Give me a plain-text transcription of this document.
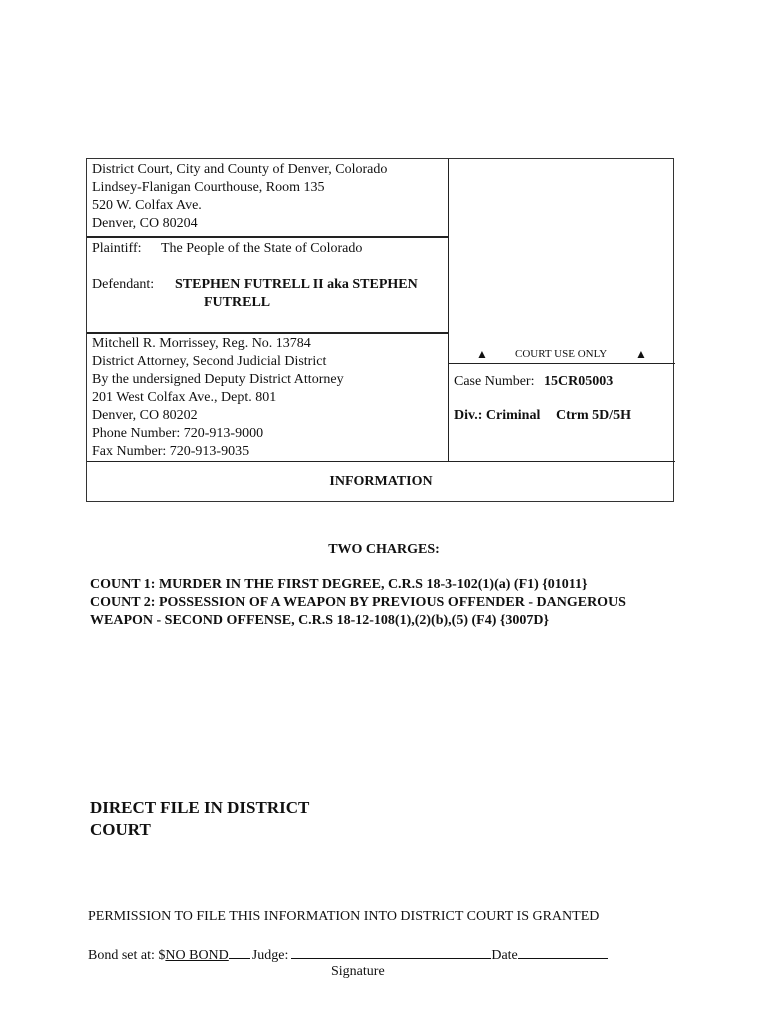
District Court, City and County of Denver, Colorado
Lindsey-Flanigan Courthouse, Room 135
520 W. Colfax Ave.
Denver, CO 80204
Plaintiff: The People of the State of Colorado
Defendant: STEPHEN FUTRELL II aka STEPHEN
FUTRELL
Mitchell R. Morrissey, Reg. No. 13784
District Attorney, Second Judicial District
By the undersigned Deputy District Attorney
201 West Colfax Ave., Dept. 801
Denver, CO 80202
Phone Number: 720-913-9000
Fax Number: 720-913-9035
▲ COURT USE ONLY ▲
Case Number: 15CR05003
Div.: Criminal Ctrm 5D/5H
INFORMATION
TWO CHARGES:
COUNT 1: MURDER IN THE FIRST DEGREE, C.R.S 18-3-102(1)(a) (F1) {01011}
COUNT 2: POSSESSION OF A WEAPON BY PREVIOUS OFFENDER - DANGEROUS
WEAPON - SECOND OFFENSE, C.R.S 18-12-108(1),(2)(b),(5) (F4) {3007D}
DIRECT FILE IN DISTRICT
COURT
PERMISSION TO FILE THIS INFORMATION INTO DISTRICT COURT IS GRANTED
Bond set at: $NO BOND Judge:	Date
Signature
